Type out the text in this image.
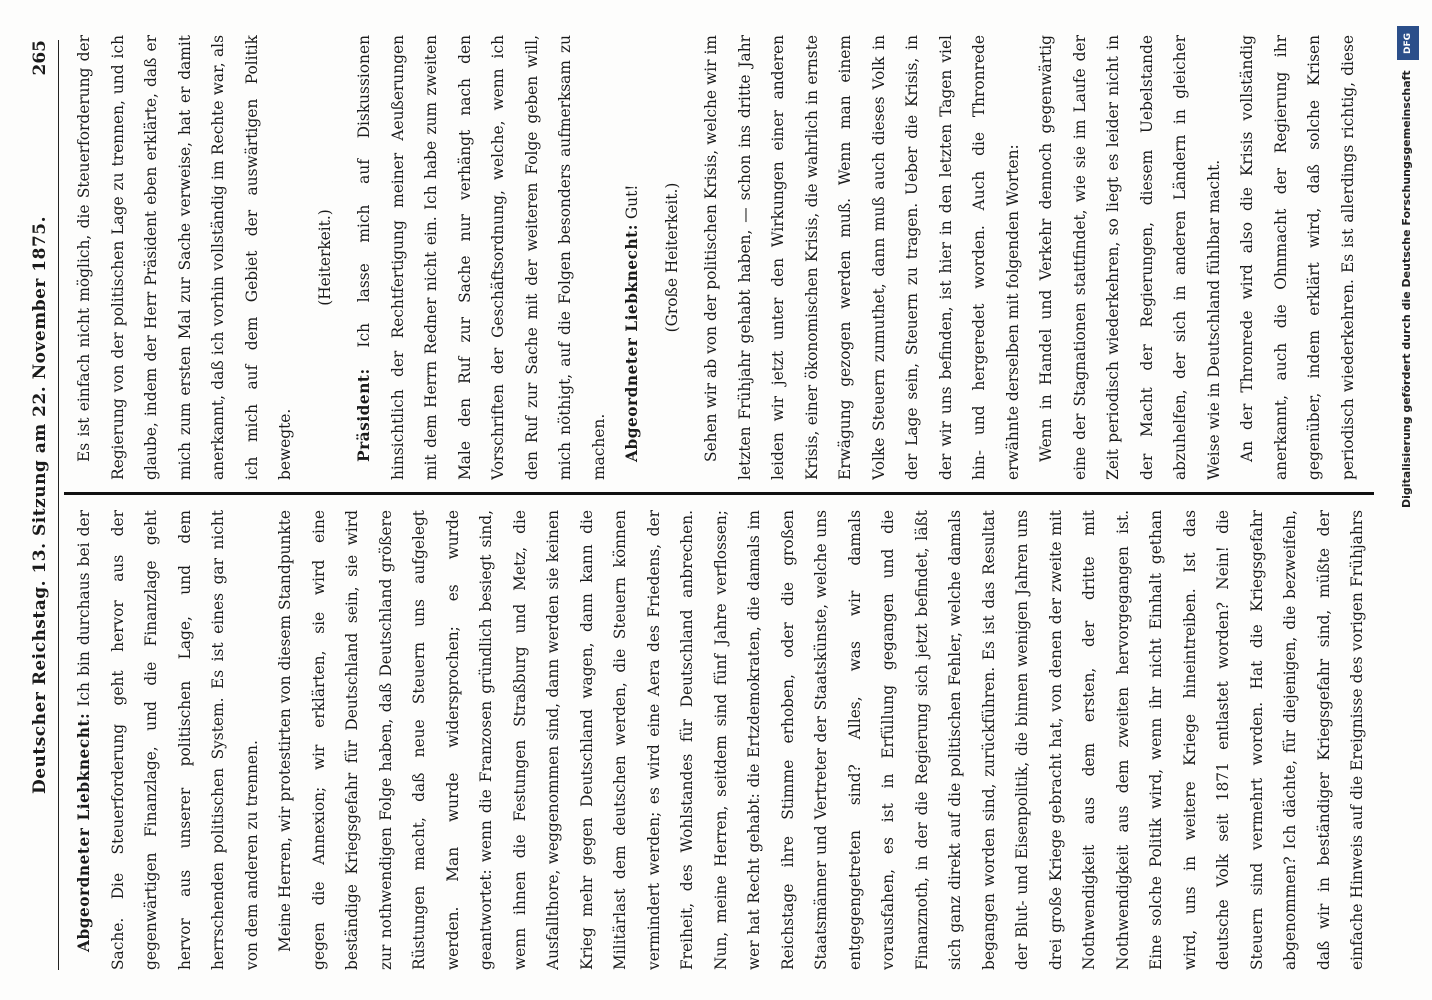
Deutscher Reichstag. 13. Sitzung am 22. November 1875.
265

Abgeordneter Liebknecht: Ich bin durchaus bei der Sache. Die Steuerforderung geht hervor aus der gegenwärtigen Finanzlage, und die Finanzlage geht hervor aus unserer politischen Lage, und dem herrschenden politischen System. Es ist eines gar nicht von dem anderen zu trennen.	Meine Herren, wir protestirten von diesem Standpunkte gegen die Annexion; wir erklärten, sie wird eine beständige Kriegsgefahr für Deutschland sein, sie wird zur nothwendigen Folge haben, daß Deutschland größere Rüstungen macht, daß neue Steuern uns aufgelegt werden. Man wurde widersprochen; es wurde geantwortet: wenn die Franzosen gründlich besiegt sind, wenn ihnen die Festungen Straßburg und Metz, die Ausfallthore, weggenommen sind, dann werden sie keinen Krieg mehr gegen Deutschland wagen, dann kann die Militärlast dem deutschen werden, die Steuern können vermindert werden; es wird eine Aera des Friedens, der Freiheit, des Wohlstandes für Deutschland anbrechen. Nun, meine Herren, seitdem sind fünf Jahre verflossen; wer hat Recht gehabt: die Ertzdemokraten, die damals im Reichstage ihre Stimme erhoben, oder die großen Staatsmänner und Vertreter der Staatskünste, welche uns entgegengetreten sind? Alles, was wir damals vorausfahen, es ist in Erfüllung gegangen und die Finanznoth, in der die Regierung sich jetzt befindet, läßt sich ganz direkt auf die politischen Fehler, welche damals begangen worden sind, zurückführen. Es ist das Resultat der Blut- und Eisenpolitik, die binnen wenigen Jahren uns drei große Kriege gebracht hat, von denen der zweite mit Nothwendigkeit aus dem ersten, der dritte mit Nothwendigkeit aus dem zweiten hervorgegangen ist. Eine solche Politik wird, wenn ihr nicht Einhalt gethan wird, uns in weitere Kriege hineintreiben. Ist das deutsche Volk seit 1871 entlastet worden? Nein! die Steuern sind vermehrt worden. Hat die Kriegsgefahr abgenommen? Ich dächte, für diejenigen, die bezweifeln, daß wir in beständiger Kriegsgefahr sind, müßte der einfache Hinweis auf die Ereignisse des vorigen Frühjahrs

Es ist einfach nicht möglich, die Steuerforderung der Regierung von der politischen Lage zu trennen, und ich glaube, indem der Herr Präsident eben erklärte, daß er mich zum ersten Mal zur Sache verweise, hat er damit anerkannt, daß ich vorhin vollständig im Rechte war, als ich mich auf dem Gebiet der auswärtigen Politik bewegte.

(Heiterkeit.)

Präsident: Ich lasse mich auf Diskussionen hinsichtlich der Rechtfertigung meiner Aeußerungen mit dem Herrn Redner nicht ein. Ich habe zum zweiten Male den Ruf zur Sache nur verhängt nach den Vorschriften der Geschäftsordnung, welche, wenn ich den Ruf zur Sache mit der weiteren Folge geben will, mich nöthigt, auf die Folgen besonders aufmerksam zu machen.	Abgeordneter Liebknecht: Gut!	(Große Heiterkeit.)	Sehen wir ab von der politischen Krisis, welche wir im letzten Frühjahr gehabt haben, — schon ins dritte Jahr leiden wir jetzt unter den Wirkungen einer anderen Krisis, einer ökonomischen Krisis, die wahrlich in ernste Erwägung gezogen werden muß. Wenn man einem Volke Steuern zumuthet, dann muß auch dieses Volk in der Lage sein, Steuern zu tragen. Ueber die Krisis, in der wir uns befinden, ist hier in den letzten Tagen viel hin- und hergeredet worden. Auch die Thronrede erwähnte derselben mit folgenden Worten:	Wenn in Handel und Verkehr dennoch gegenwärtig eine der Stagnationen stattfindet, wie sie im Laufe der Zeit periodisch wiederkehren, so liegt es leider nicht in der Macht der Regierungen, diesem Uebelstande abzuhelfen, der sich in anderen Ländern in gleicher Weise wie in Deutschland fühlbar macht.	An der Thronrede wird also die Krisis vollständig anerkannt, auch die Ohnmacht der Regierung ihr gegenüber, indem erklärt wird, daß solche Krisen periodisch wiederkehren. Es ist allerdings richtig, diese	DFG
Digitalisierung gefördert durch die Deutsche Forschungsgemeinschaft
